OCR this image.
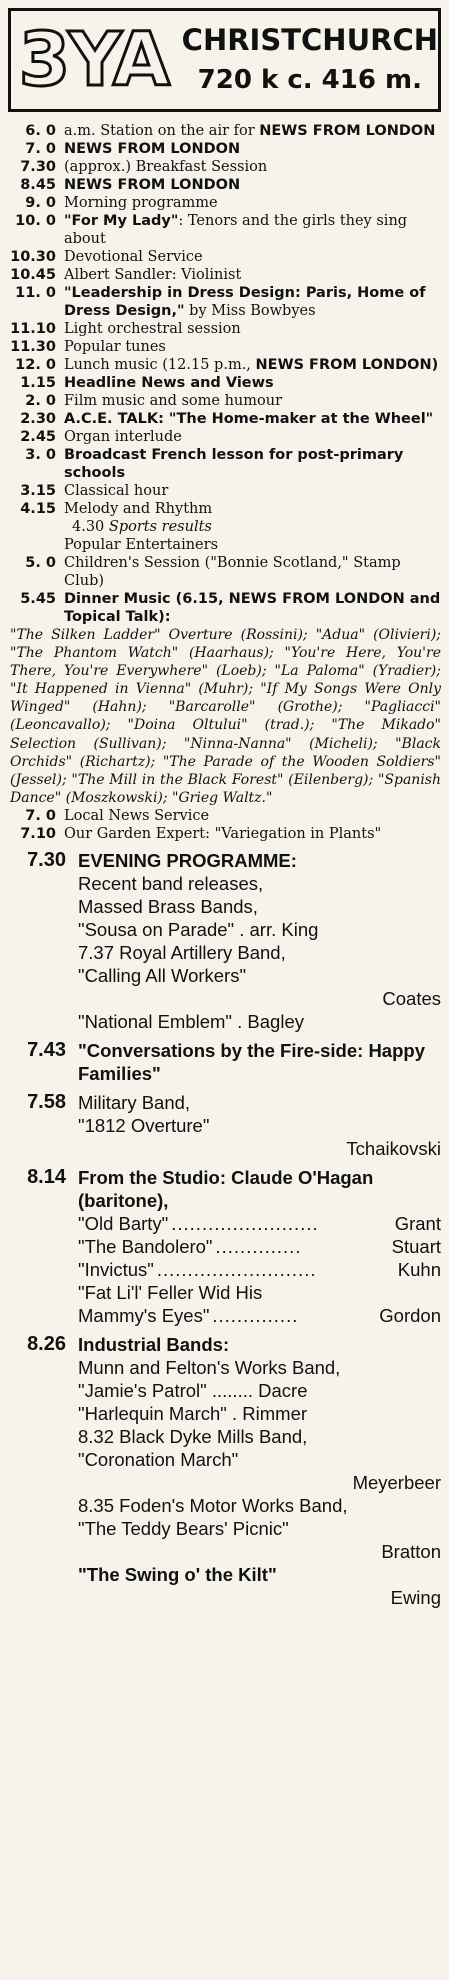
3YA CHRISTCHURCH
720 k c. 416 m.
6. 0 a.m. Station on the air for NEWS FROM LONDON
7. 0 NEWS FROM LONDON
7.30 (approx.) Breakfast Session
8.45 NEWS FROM LONDON
9. 0 Morning programme
10. 0 "For My Lady": Tenors and the girls they sing about
10.30 Devotional Service
10.45 Albert Sandler: Violinist
11. 0 "Leadership in Dress Design: Paris, Home of Dress Design," by Miss Bowbyes
11.10 Light orchestral session
11.30 Popular tunes
12. 0 Lunch music (12.15 p.m., NEWS FROM LONDON)
1.15 Headline News and Views
2. 0 Film music and some humour
2.30 A.C.E. TALK: "The Home-maker at the Wheel"
2.45 Organ interlude
3. 0 Broadcast French lesson for post-primary schools
3.15 Classical hour
4.15 Melody and Rhythm
4.30 Sports results
Popular Entertainers
5. 0 Children's Session ("Bonnie Scotland," Stamp Club)
5.45 Dinner Music (6.15, NEWS FROM LONDON and Topical Talk):
"The Silken Ladder" Overture (Rossini); "Adua" (Olivieri); "The Phantom Watch" (Haarhaus); "You're Here, You're There, You're Everywhere" (Loeb); "La Paloma" (Yradier); "It Happened in Vienna" (Muhr); "If My Songs Were Only Winged" (Hahn); "Barcarolle" (Grothe); "Pagliacci" (Leoncavallo); "Doina Oltului" (trad.); "The Mikado" Selection (Sullivan); "Ninna-Nanna" (Micheli); "Black Orchids" (Richartz); "The Parade of the Wooden Soldiers" (Jessel); "The Mill in the Black Forest" (Eilenberg); "Spanish Dance" (Moszkowski); "Grieg Waltz."
7. 0 Local News Service
7.10 Our Garden Expert: "Variegation in Plants"
7.30 EVENING PROGRAMME:
Recent band releases,
Massed Brass Bands,
"Sousa on Parade" . arr. King
7.37 Royal Artillery Band,
"Calling All Workers"
Coates
"National Emblem" . Bagley
7.43 "Conversations by the Fire-side: Happy Families"
7.58 Military Band,
"1812 Overture"
Tchaikovski
8.14 From the Studio: Claude O'Hagan (baritone),
"Old Barty" ........................	Grant
"The Bandolero" ..............	Stuart
"Invictus" ..........................	Kuhn
"Fat Li'l' Feller Wid His
Mammy's Eyes" ..............	Gordon
8.26 Industrial Bands:
Munn and Felton's Works Band,
"Jamie's Patrol" ........ Dacre
"Harlequin March" . Rimmer
8.32 Black Dyke Mills Band,
"Coronation March"
Meyerbeer
8.35 Foden's Motor Works Band,
"The Teddy Bears' Picnic"
Bratton
"The Swing o' the Kilt"
Ewing
